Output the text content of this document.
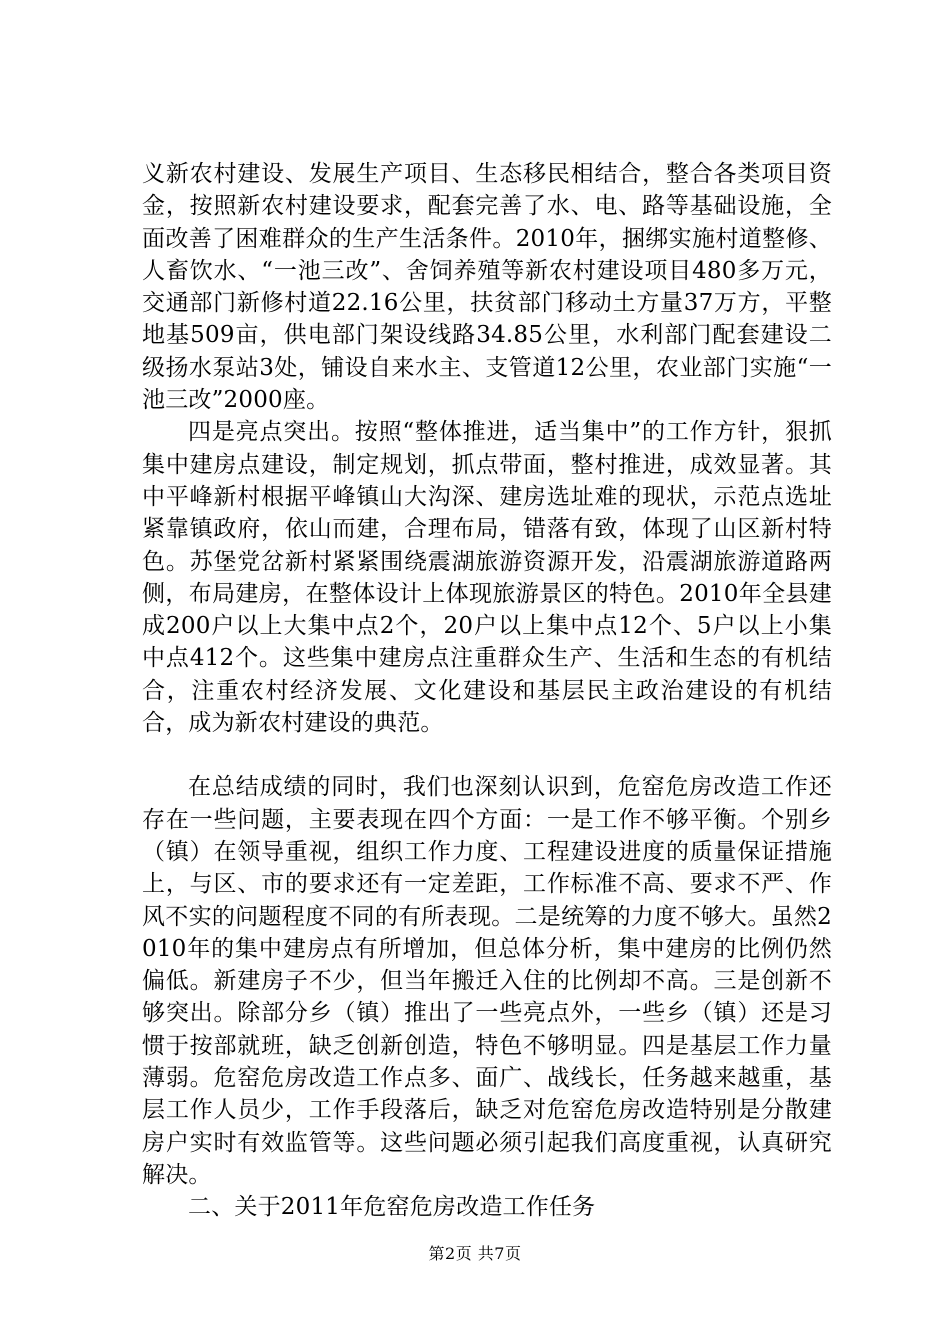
义新农村建设、发展生产项目、生态移民相结合，整合各类项目资金，按照新农村建设要求，配套完善了水、电、路等基础设施，全面改善了困难群众的生产生活条件。2010年，捆绑实施村道整修、人畜饮水、“一池三改”、舍饲养殖等新农村建设项目480多万元，交通部门新修村道22.16公里，扶贫部门移动土方量37万方，平整地基509亩，供电部门架设线路34.85公里，水利部门配套建设二级扬水泵站3处，铺设自来水主、支管道12公里，农业部门实施“一池三改”2000座。

四是亮点突出。按照“整体推进，适当集中”的工作方针，狠抓集中建房点建设，制定规划，抓点带面，整村推进，成效显著。其中平峰新村根据平峰镇山大沟深、建房选址难的现状，示范点选址紧靠镇政府，依山而建，合理布局，错落有致，体现了山区新村特色。苏堡党岔新村紧紧围绕震湖旅游资源开发，沿震湖旅游道路两侧，布局建房，在整体设计上体现旅游景区的特色。2010年全县建成200户以上大集中点2个，20户以上集中点12个、5户以上小集中点412个。这些集中建房点注重群众生产、生活和生态的有机结合，注重农村经济发展、文化建设和基层民主政治建设的有机结合，成为新农村建设的典范。

在总结成绩的同时，我们也深刻认识到，危窑危房改造工作还存在一些问题，主要表现在四个方面：一是工作不够平衡。个别乡（镇）在领导重视，组织工作力度、工程建设进度的质量保证措施上，与区、市的要求还有一定差距，工作标准不高、要求不严、作风不实的问题程度不同的有所表现。二是统筹的力度不够大。虽然2010年的集中建房点有所增加，但总体分析，集中建房的比例仍然偏低。新建房子不少，但当年搬迁入住的比例却不高。三是创新不够突出。除部分乡（镇）推出了一些亮点外，一些乡（镇）还是习惯于按部就班，缺乏创新创造，特色不够明显。四是基层工作力量薄弱。危窑危房改造工作点多、面广、战线长，任务越来越重，基层工作人员少，工作手段落后，缺乏对危窑危房改造特别是分散建房户实时有效监管等。这些问题必须引起我们高度重视，认真研究解决。

二、关于2011年危窑危房改造工作任务

第2页 共7页
